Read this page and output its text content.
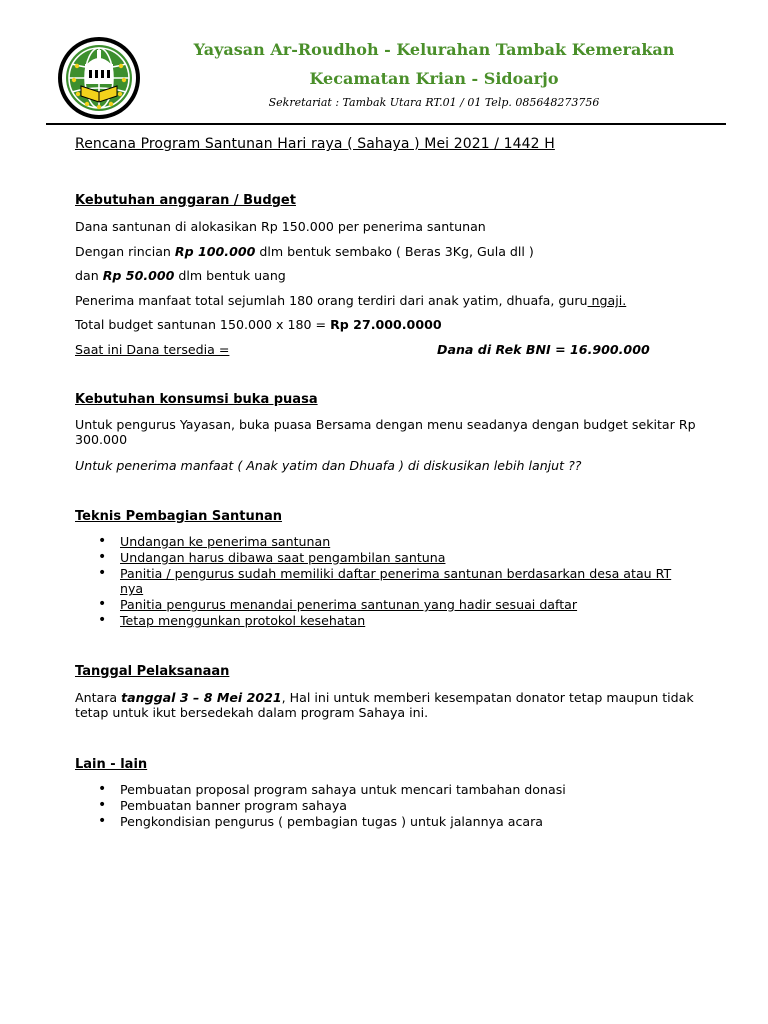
Yayasan Ar-Roudhoh - Kelurahan Tambak Kemerakan
Kecamatan Krian - Sidoarjo
Sekretariat : Tambak Utara RT.01 / 01 Telp. 085648273756
Rencana Program Santunan Hari raya ( Sahaya ) Mei 2021 / 1442 H
Kebutuhan anggaran / Budget
Dana santunan di alokasikan Rp 150.000 per penerima santunan
Dengan rincian Rp 100.000 dlm bentuk sembako ( Beras 3Kg, Gula dll )
dan Rp 50.000 dlm bentuk uang
Penerima manfaat total sejumlah 180 orang terdiri dari anak yatim, dhuafa, guru ngaji.
Total budget santunan 150.000 x 180 = Rp 27.000.0000
Saat ini Dana tersedia =	Dana di Rek BNI = 16.900.000
Kebutuhan konsumsi buka puasa
Untuk pengurus Yayasan, buka puasa Bersama dengan menu seadanya dengan budget sekitar Rp 300.000
Untuk penerima manfaat ( Anak yatim dan Dhuafa ) di diskusikan lebih lanjut ??
Teknis Pembagian Santunan
• Undangan ke penerima santunan
• Undangan harus dibawa saat pengambilan santuna
• Panitia / pengurus sudah memiliki daftar penerima santunan berdasarkan desa atau RT nya
• Panitia pengurus menandai penerima santunan yang hadir sesuai daftar
• Tetap menggunkan protokol kesehatan
Tanggal Pelaksanaan
Antara tanggal 3 – 8 Mei 2021, Hal ini untuk memberi kesempatan donator tetap maupun tidak tetap untuk ikut bersedekah dalam program Sahaya ini.
Lain - lain
• Pembuatan proposal program sahaya untuk mencari tambahan donasi
• Pembuatan banner program sahaya
• Pengkondisian pengurus ( pembagian tugas ) untuk jalannya acara
